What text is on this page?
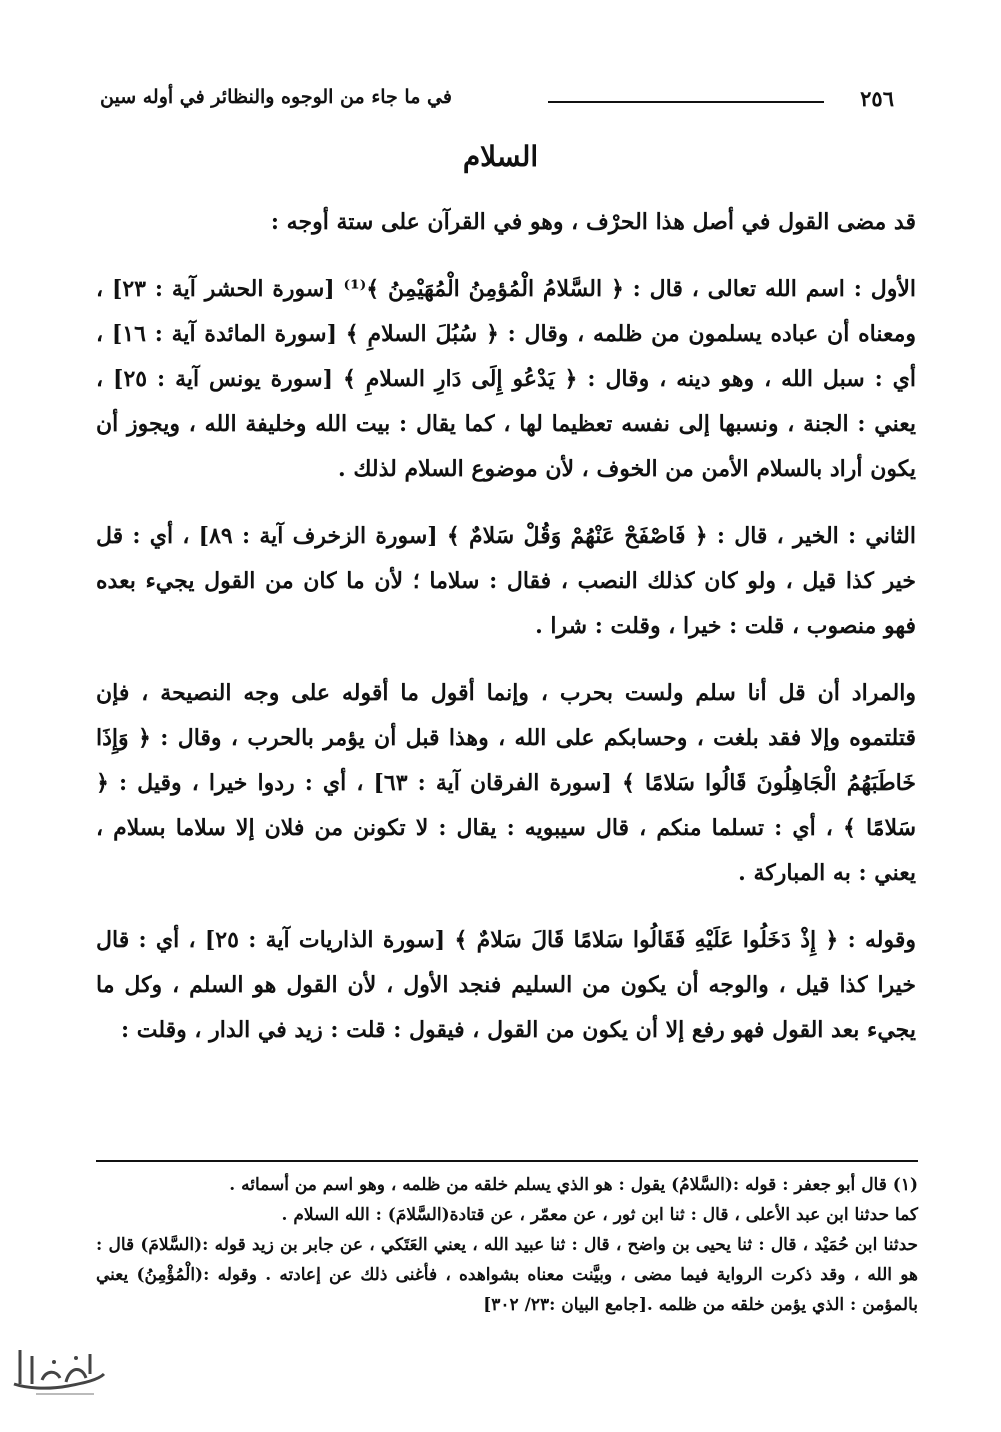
٢٥٦
في ما جاء من الوجوه والنظائر في أوله سين
السلام

قد مضى القول في أصل هذا الحرْف ، وهو في القرآن على ستة أوجه :

الأول : اسم الله تعالى ، قال : ﴿ السَّلامُ الْمُؤمِنُ الْمُهَيْمِنُ ﴾⁽¹⁾ [سورة الحشر آية : ٢٣] ، ومعناه أن عباده يسلمون من ظلمه ، وقال : ﴿ سُبُلَ السلامِ ﴾ [سورة المائدة آية : ١٦] ، أي : سبل الله ، وهو دينه ، وقال : ﴿ يَدْعُو إِلَى دَارِ السلامِ ﴾ [سورة يونس آية : ٢٥] ، يعني : الجنة ، ونسبها إلى نفسه تعظيما لها ، كما يقال : بيت الله وخليفة الله ، ويجوز أن يكون أراد بالسلام الأمن من الخوف ، لأن موضوع السلام لذلك .

الثاني : الخير ، قال : ﴿ فَاصْفَحْ عَنْهُمْ وَقُلْ سَلامٌ ﴾ [سورة الزخرف آية : ٨٩] ، أي : قل خير كذا قيل ، ولو كان كذلك النصب ، فقال : سلاما ؛ لأن ما كان من القول يجيء بعده فهو منصوب ، قلت : خيرا ، وقلت : شرا .

والمراد أن قل أنا سلم ولست بحرب ، وإنما أقول ما أقوله على وجه النصيحة ، فإن قتلتموه وإلا فقد بلغت ، وحسابكم على الله ، وهذا قبل أن يؤمر بالحرب ، وقال : ﴿ وَإِذَا خَاطَبَهُمُ الْجَاهِلُونَ قَالُوا سَلامًا ﴾ [سورة الفرقان آية : ٦٣] ، أي : ردوا خيرا ، وقيل : ﴿ سَلامًا ﴾ ، أي : تسلما منكم ، قال سيبويه : يقال : لا تكونن من فلان إلا سلاما بسلام ، يعني : به المباركة .

وقوله : ﴿ إِذْ دَخَلُوا عَلَيْهِ فَقَالُوا سَلامًا قَالَ سَلامٌ ﴾ [سورة الذاريات آية : ٢٥] ، أي : قال خيرا كذا قيل ، والوجه أن يكون من السليم فنجد الأول ، لأن القول هو السلم ، وكل ما يجيء بعد القول فهو رفع إلا أن يكون من القول ، فيقول : قلت : زيد في الدار ، وقلت :

(١) قال أبو جعفر : قوله :(السَّلامُ) يقول : هو الذي يسلم خلقه من ظلمه ، وهو اسم من أسمائه .

كما حدثنا ابن عبد الأعلى ، قال : ثنا ابن ثور ، عن معمّر ، عن قتادة(السَّلامَ) : الله السلام .

حدثنا ابن حُمَيْد ، قال : ثنا يحيى بن واضح ، قال : ثنا عبيد الله ، يعني العَتَكي ، عن جابر بن زيد قوله :(السَّلامَ) قال : هو الله ، وقد ذكرت الرواية فيما مضى ، وبيَّنت معناه بشواهده ، فأغنى ذلك عن إعادته . وقوله :(الْمُؤْمِنُ) يعني بالمؤمن : الذي يؤمن خلقه من ظلمه .[جامع البيان :٢٣/ ٣٠٢]
